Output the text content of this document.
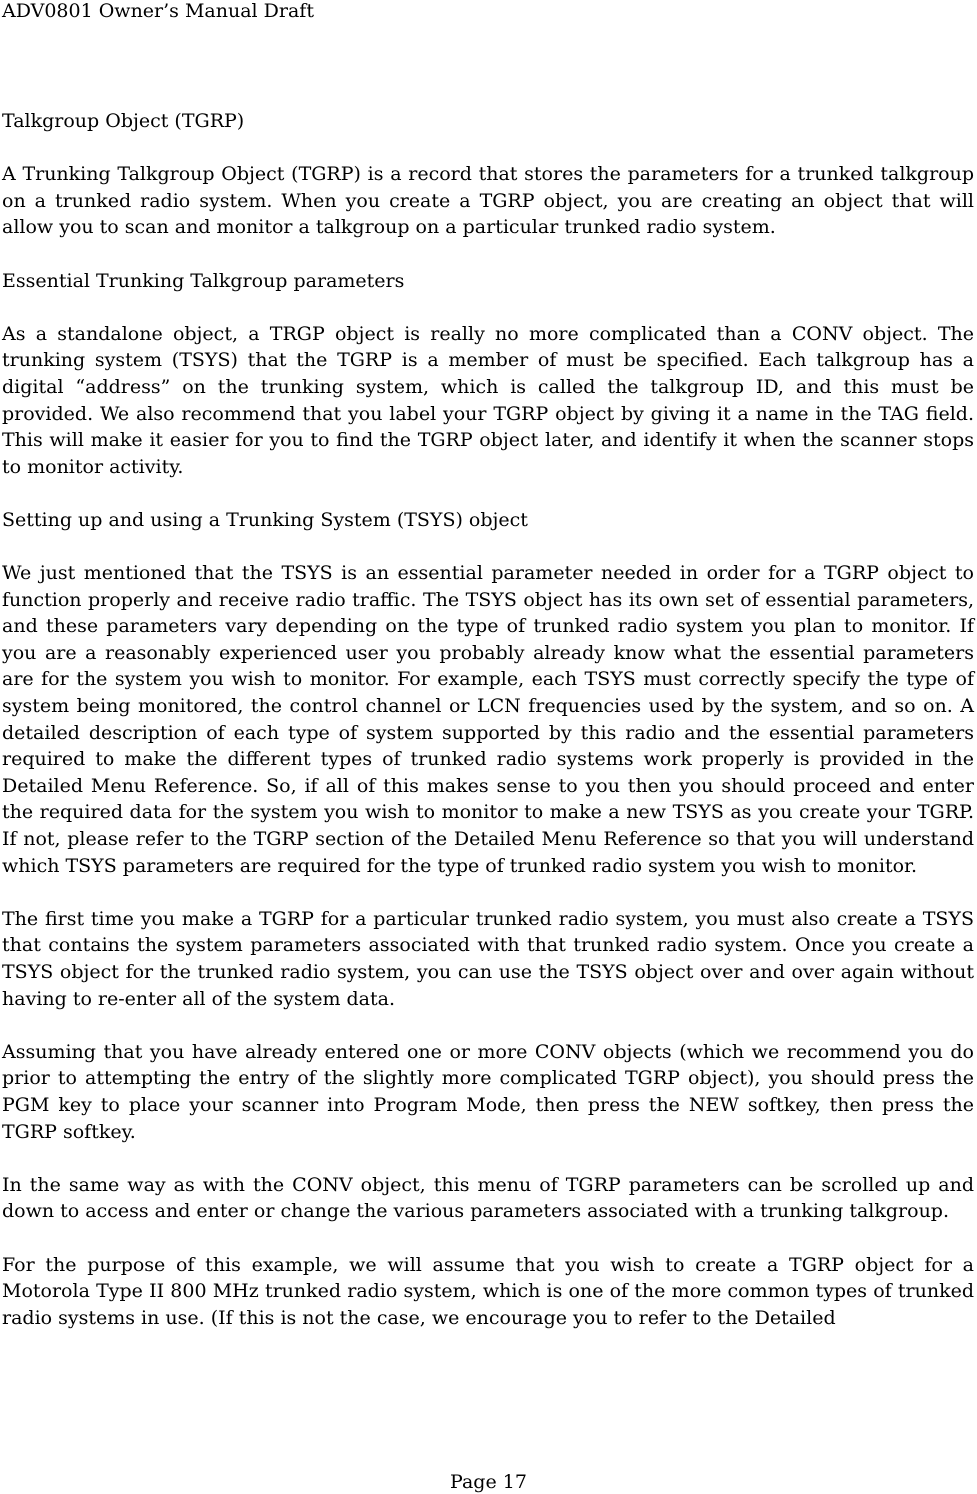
ADV0801 Owner’s Manual Draft

Talkgroup Object (TGRP)

A Trunking Talkgroup Object (TGRP) is a record that stores the parameters for a trunked talkgroup on a trunked radio system. When you create a TGRP object, you are creating an object that will allow you to scan and monitor a talkgroup on a particular trunked radio system.

Essential Trunking Talkgroup parameters

As a standalone object, a TRGP object is really no more complicated than a CONV object. The trunking system (TSYS) that the TGRP is a member of must be specified. Each talkgroup has a digital “address” on the trunking system, which is called the talkgroup ID, and this must be provided. We also recommend that you label your TGRP object by giving it a name in the TAG field. This will make it easier for you to find the TGRP object later, and identify it when the scanner stops to monitor activity.

Setting up and using a Trunking System (TSYS) object

We just mentioned that the TSYS is an essential parameter needed in order for a TGRP object to function properly and receive radio traffic. The TSYS object has its own set of essential parameters, and these parameters vary depending on the type of trunked radio system you plan to monitor. If you are a reasonably experienced user you probably already know what the essential parameters are for the system you wish to monitor. For example, each TSYS must correctly specify the type of system being monitored, the control channel or LCN frequencies used by the system, and so on. A detailed description of each type of system supported by this radio and the essential parameters required to make the different types of trunked radio systems work properly is provided in the Detailed Menu Reference. So, if all of this makes sense to you then you should proceed and enter the required data for the system you wish to monitor to make a new TSYS as you create your TGRP. If not, please refer to the TGRP section of the Detailed Menu Reference so that you will understand which TSYS parameters are required for the type of trunked radio system you wish to monitor.

The first time you make a TGRP for a particular trunked radio system, you must also create a TSYS that contains the system parameters associated with that trunked radio system. Once you create a TSYS object for the trunked radio system, you can use the TSYS object over and over again without having to re-enter all of the system data.

Assuming that you have already entered one or more CONV objects (which we recommend you do prior to attempting the entry of the slightly more complicated TGRP object), you should press the PGM key to place your scanner into Program Mode, then press the NEW softkey, then press the TGRP softkey.

In the same way as with the CONV object, this menu of TGRP parameters can be scrolled up and down to access and enter or change the various parameters associated with a trunking talkgroup.

For the purpose of this example, we will assume that you wish to create a TGRP object for a Motorola Type II 800 MHz trunked radio system, which is one of the more common types of trunked radio systems in use. (If this is not the case, we encourage you to refer to the Detailed

Page 17
